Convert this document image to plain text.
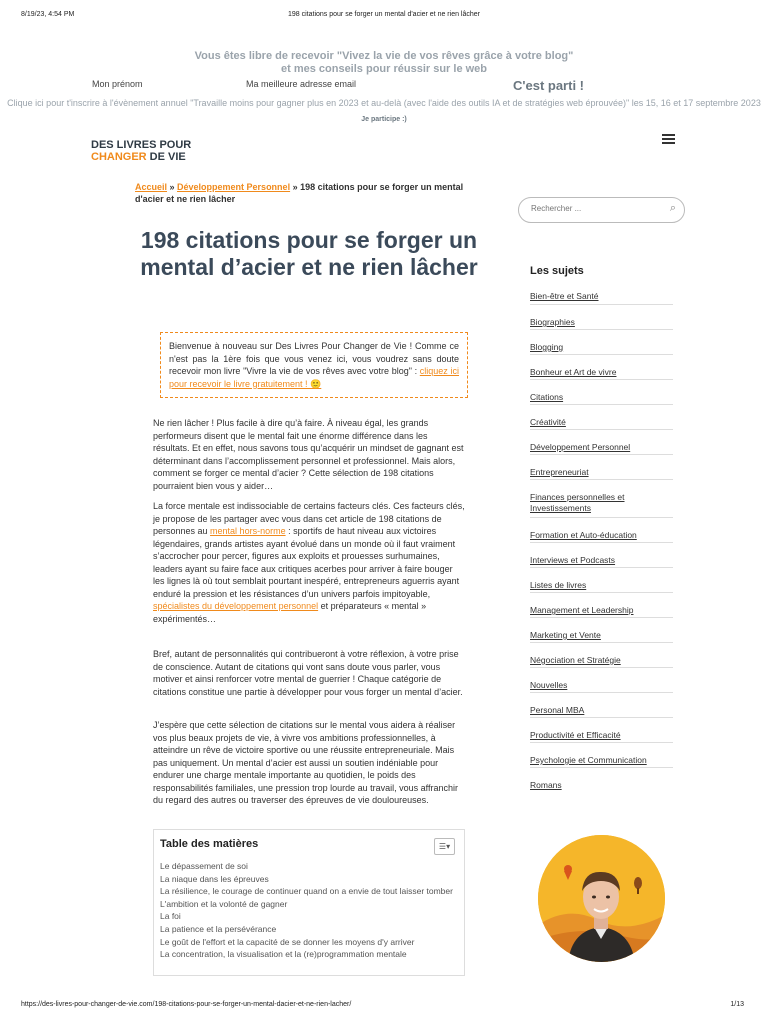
8/19/23, 4:54 PM	198 citations pour se forger un mental d'acier et ne rien lâcher
Vous êtes libre de recevoir "Vivez la vie de vos rêves grâce à votre blog"
et mes conseils pour réussir sur le web
Mon prénom	Ma meilleure adresse email	C'est parti !
Clique ici pour t'inscrire à l'évènement annuel "Travaille moins pour gagner plus en 2023 et au-delà (avec l'aide des outils IA et de stratégies web éprouvée)" les 15, 16 et 17 septembre 2023
Je participe :)
DES LIVRES POUR
CHANGER DE VIE
Accueil » Développement Personnel » 198 citations pour se forger un mental d'acier et ne rien lâcher
198 citations pour se forger un mental d’acier et ne rien lâcher
Bienvenue à nouveau sur Des Livres Pour Changer de Vie ! Comme ce n'est pas la 1ère fois que vous venez ici, vous voudrez sans doute recevoir mon livre "Vivre la vie de vos rêves avec votre blog" : cliquez ici pour recevoir le livre gratuitement ! 🙂
Ne rien lâcher ! Plus facile à dire qu’à faire. À niveau égal, les grands performeurs disent que le mental fait une énorme différence dans les résultats. Et en effet, nous savons tous qu’acquérir un mindset de gagnant est déterminant dans l’accomplissement personnel et professionnel. Mais alors, comment se forger ce mental d’acier ? Cette sélection de 198 citations pourraient bien vous y aider…
La force mentale est indissociable de certains facteurs clés. Ces facteurs clés, je propose de les partager avec vous dans cet article de 198 citations de personnes au mental hors-norme : sportifs de haut niveau aux victoires légendaires, grands artistes ayant évolué dans un monde où il faut vraiment s’accrocher pour percer, figures aux exploits et prouesses surhumaines, leaders ayant su faire face aux critiques acerbes pour arriver à faire bouger les lignes là où tout semblait pourtant inespéré, entrepreneurs aguerris ayant enduré la pression et les résistances d’un univers parfois impitoyable, spécialistes du développement personnel et préparateurs « mental » expérimentés…
Bref, autant de personnalités qui contribueront à votre réflexion, à votre prise de conscience. Autant de citations qui vont sans doute vous parler, vous motiver et ainsi renforcer votre mental de guerrier ! Chaque catégorie de citations constitue une partie à développer pour vous forger un mental d’acier.
J’espère que cette sélection de citations sur le mental vous aidera à réaliser vos plus beaux projets de vie, à vivre vos ambitions professionnelles, à atteindre un rêve de victoire sportive ou une réussite entrepreneuriale. Mais pas uniquement. Un mental d’acier est aussi un soutien indéniable pour endurer une charge mentale importante au quotidien, le poids des responsabilités familiales, une pression trop lourde au travail, vous affranchir du regard des autres ou traverser des épreuves de vie douloureuses.
Table des matières	☰▾
Le dépassement de soi
La niaque dans les épreuves
La résilience, le courage de continuer quand on a envie de tout laisser tomber
L'ambition et la volonté de gagner
La foi
La patience et la persévérance
Le goût de l'effort et la capacité de se donner les moyens d'y arriver
La concentration, la visualisation et la (re)programmation mentale
Rechercher ...
⌕
Les sujets
Bien-être et Santé
Biographies
Blogging
Bonheur et Art de vivre
Citations
Créativité
Développement Personnel
Entrepreneuriat
Finances personnelles et Investissements
Formation et Auto-éducation
Interviews et Podcasts
Listes de livres
Management et Leadership
Marketing et Vente
Négociation et Stratégie
Nouvelles
Personal MBA
Productivité et Efficacité
Psychologie et Communication
Romans
https://des-livres-pour-changer-de-vie.com/198-citations-pour-se-forger-un-mental-dacier-et-ne-rien-lacher/	1/13
